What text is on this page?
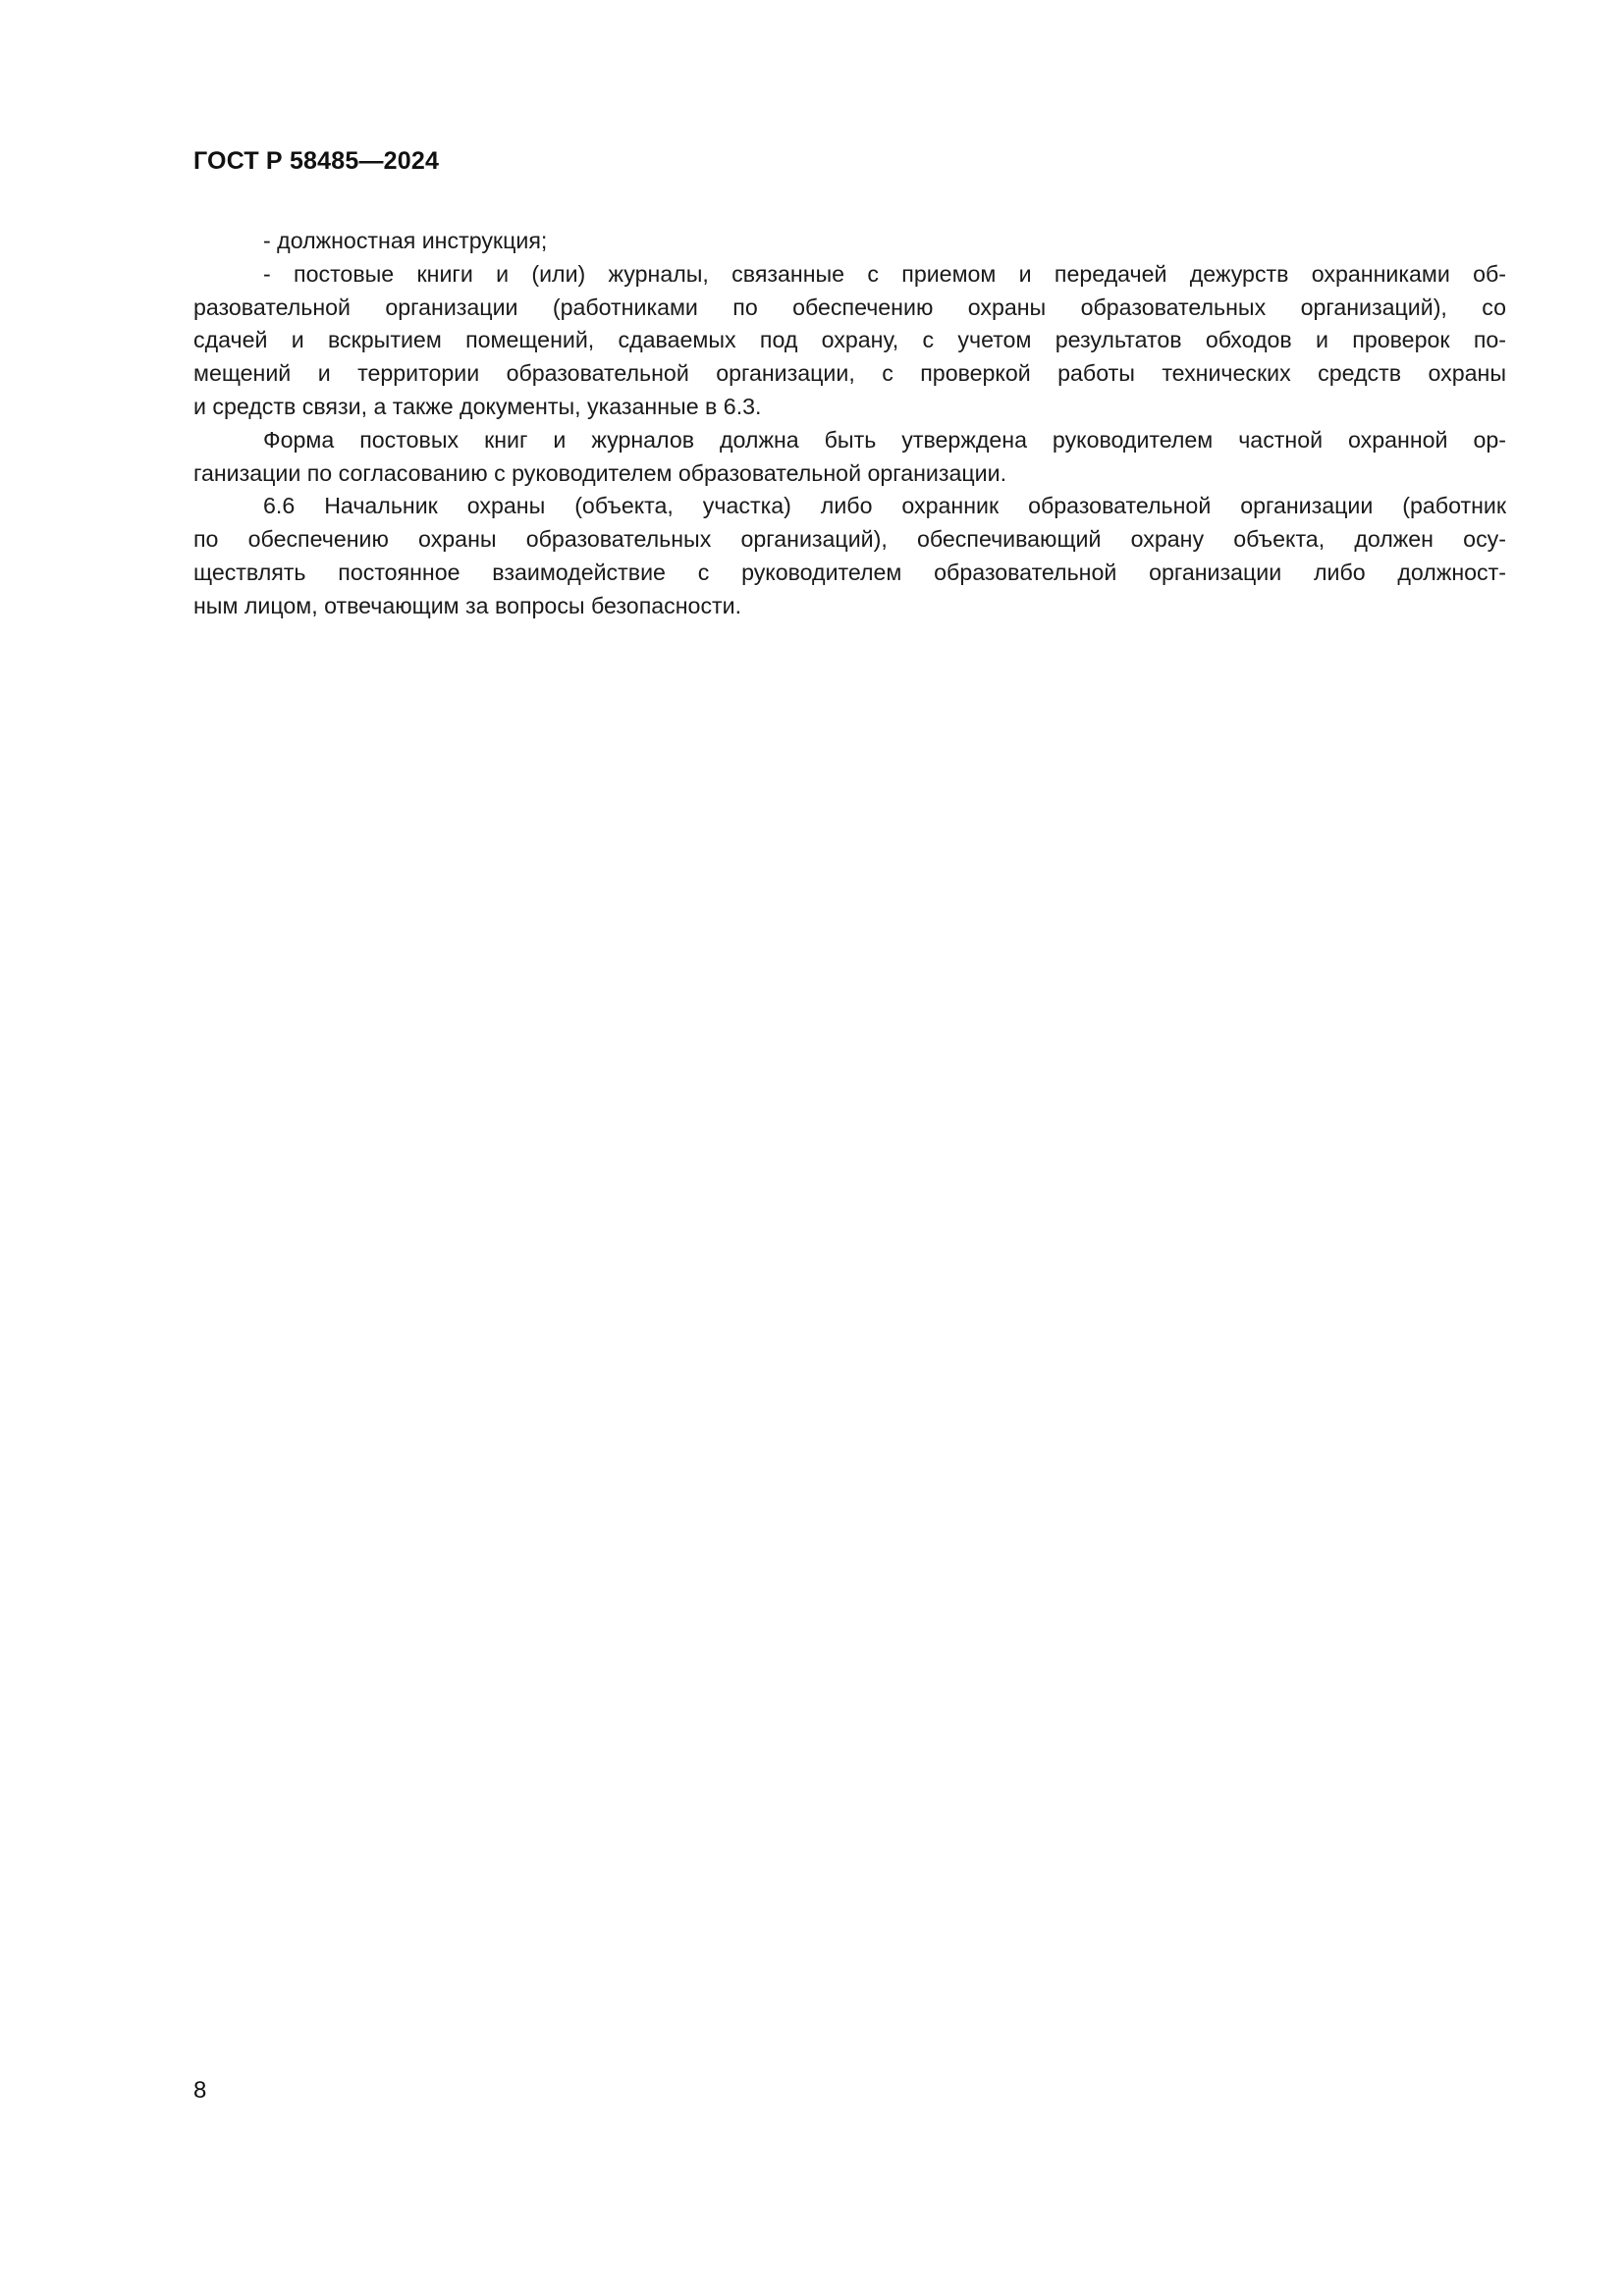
ГОСТ Р 58485—2024
- должностная инструкция;
- постовые книги и (или) журналы, связанные с приемом и передачей дежурств охранниками об-
разовательной организации (работниками по обеспечению охраны образовательных организаций), со
сдачей и вскрытием помещений, сдаваемых под охрану, с учетом результатов обходов и проверок по-
мещений и территории образовательной организации, с проверкой работы технических средств охраны
и средств связи, а также документы, указанные в 6.3.
Форма постовых книг и журналов должна быть утверждена руководителем частной охранной ор-
ганизации по согласованию с руководителем образовательной организации.
6.6 Начальник охраны (объекта, участка) либо охранник образовательной организации (работник
по обеспечению охраны образовательных организаций), обеспечивающий охрану объекта, должен осу-
ществлять постоянное взаимодействие с руководителем образовательной организации либо должност-
ным лицом, отвечающим за вопросы безопасности.
8
